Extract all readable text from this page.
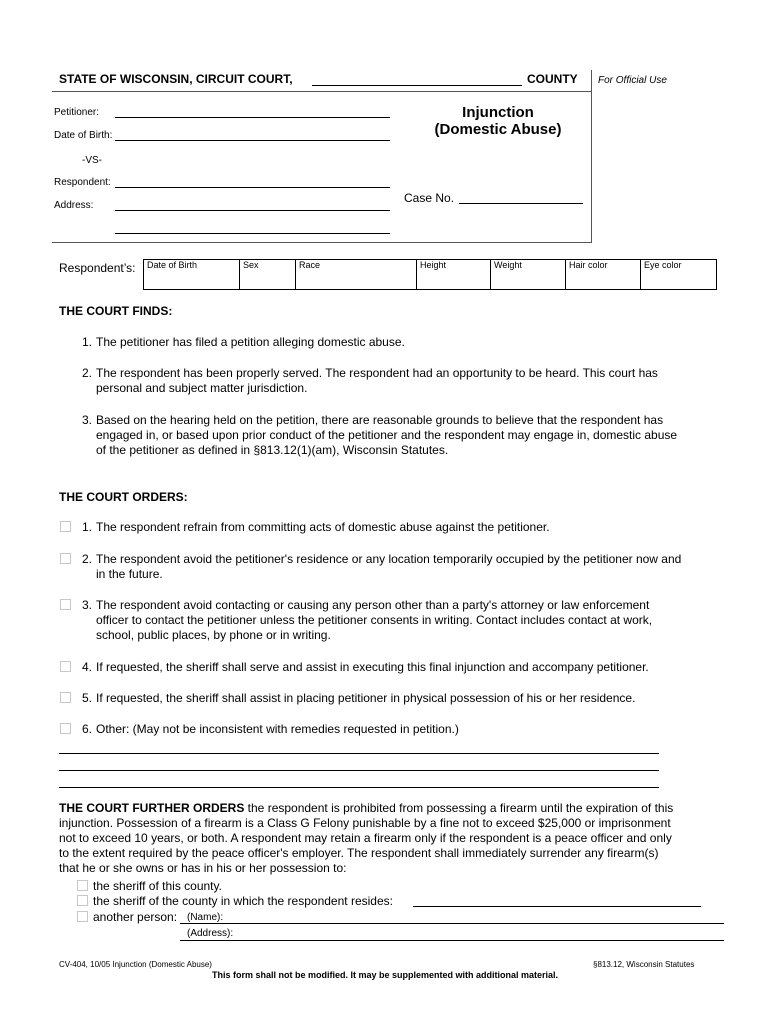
STATE OF WISCONSIN, CIRCUIT COURT,	COUNTY For Official Use
Petitioner:
Date of Birth:
-VS-
Respondent:
Address:
Injunction
(Domestic Abuse)
Case No.
Respondent’s:	Date of Birth	Sex	Race	Height	Weight	Hair color	Eye color
THE COURT FINDS:
1. The petitioner has filed a petition alleging domestic abuse.
2. The respondent has been properly served. The respondent had an opportunity to be heard. This court has
personal and subject matter jurisdiction.
3. Based on the hearing held on the petition, there are reasonable grounds to believe that the respondent has
engaged in, or based upon prior conduct of the petitioner and the respondent may engage in, domestic abuse
of the petitioner as defined in §813.12(1)(am), Wisconsin Statutes.
THE COURT ORDERS:
1. The respondent refrain from committing acts of domestic abuse against the petitioner.
2. The respondent avoid the petitioner's residence or any location temporarily occupied by the petitioner now and
in the future.
3. The respondent avoid contacting or causing any person other than a party's attorney or law enforcement
officer to contact the petitioner unless the petitioner consents in writing. Contact includes contact at work,
school, public places, by phone or in writing.
4. If requested, the sheriff shall serve and assist in executing this final injunction and accompany petitioner.
5. If requested, the sheriff shall assist in placing petitioner in physical possession of his or her residence.
6. Other: (May not be inconsistent with remedies requested in petition.)
THE COURT FURTHER ORDERS the respondent is prohibited from possessing a firearm until the expiration of this
injunction. Possession of a firearm is a Class G Felony punishable by a fine not to exceed $25,000 or imprisonment
not to exceed 10 years, or both. A respondent may retain a firearm only if the respondent is a peace officer and only
to the extent required by the peace officer's employer. The respondent shall immediately surrender any firearm(s)
that he or she owns or has in his or her possession to:
the sheriff of this county.
the sheriff of the county in which the respondent resides:
another person: (Name):
(Address):
CV-404, 10/05 Injunction (Domestic Abuse)	§813.12, Wisconsin Statutes
This form shall not be modified. It may be supplemented with additional material.
